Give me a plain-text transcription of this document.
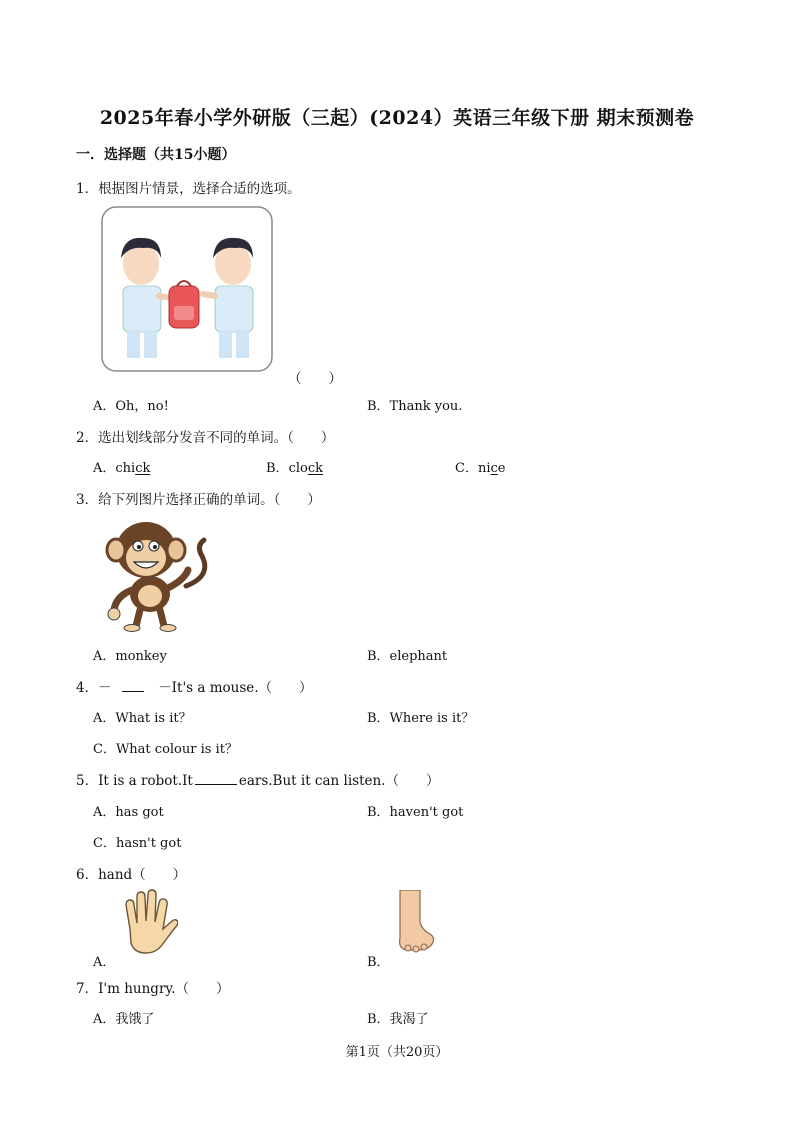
2025年春小学外研版（三起）(2024）英语三年级下册 期末预测卷
一．选择题（共15小题）
1．根据图片情景，选择合适的选项。
（　　）
A．Oh，no!	B．Thank you.
2．选出划线部分发音不同的单词。（　　）
A．chick	B．clock	C．nice
3．给下列图片选择正确的单词。（　　）
A．monkey	B．elephant
4．－	－It's a mouse.（　　）
A．What is it？	B．Where is it？
C．What colour is it？
5．It is a robot.It	ears.But it can listen.（　　）
A．has got	B．haven't got
C．hasn't got
6．hand（　　）
A．	B．
7．I'm hungry.（　　）
A．我饿了	B．我渴了
第1页（共20页）
